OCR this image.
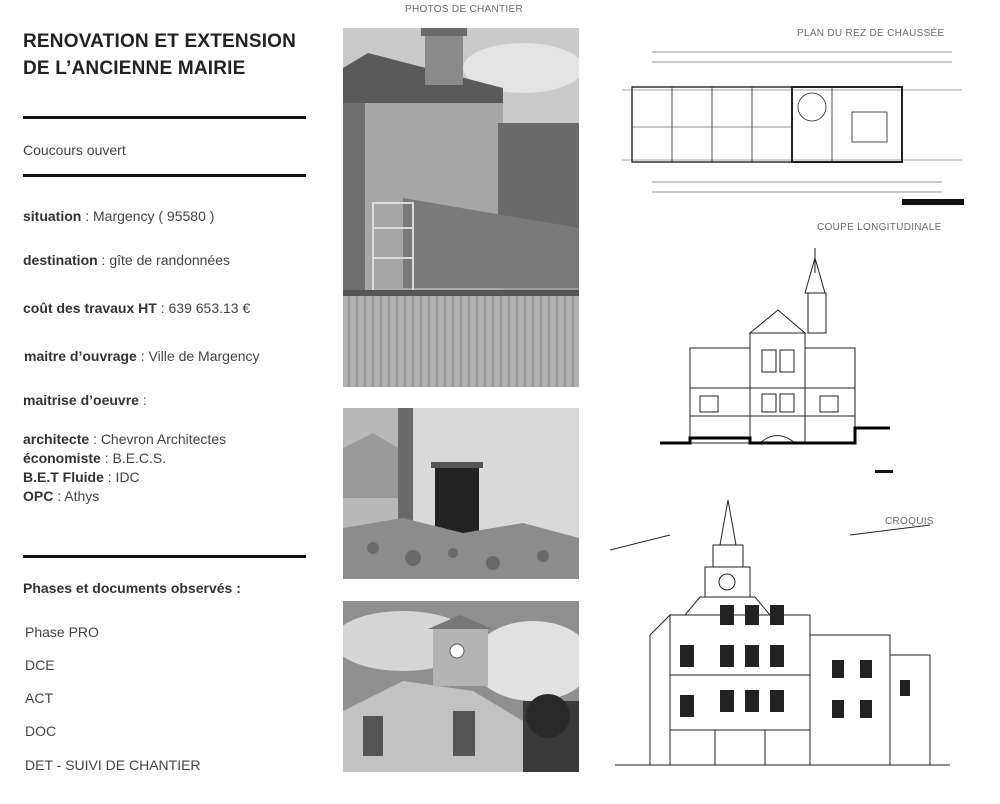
RENOVATION ET EXTENSION
DE L’ANCIENNE MAIRIE
Coucours ouvert
situation : Margency ( 95580 )
destination : gîte de randonnées
coût des travaux HT : 639 653.13 €
maitre d’ouvrage : Ville de Margency
maitrise d’oeuvre :
architecte : Chevron Architectes
économiste : B.E.C.S.
B.E.T Fluide : IDC
OPC : Athys
Phases et documents observés :
Phase PRO
DCE
ACT
DOC
DET - SUIVI DE CHANTIER
PHOTOS DE CHANTIER
PLAN DU REZ DE CHAUSSÉE
COUPE LONGITUDINALE
CROQUIS
